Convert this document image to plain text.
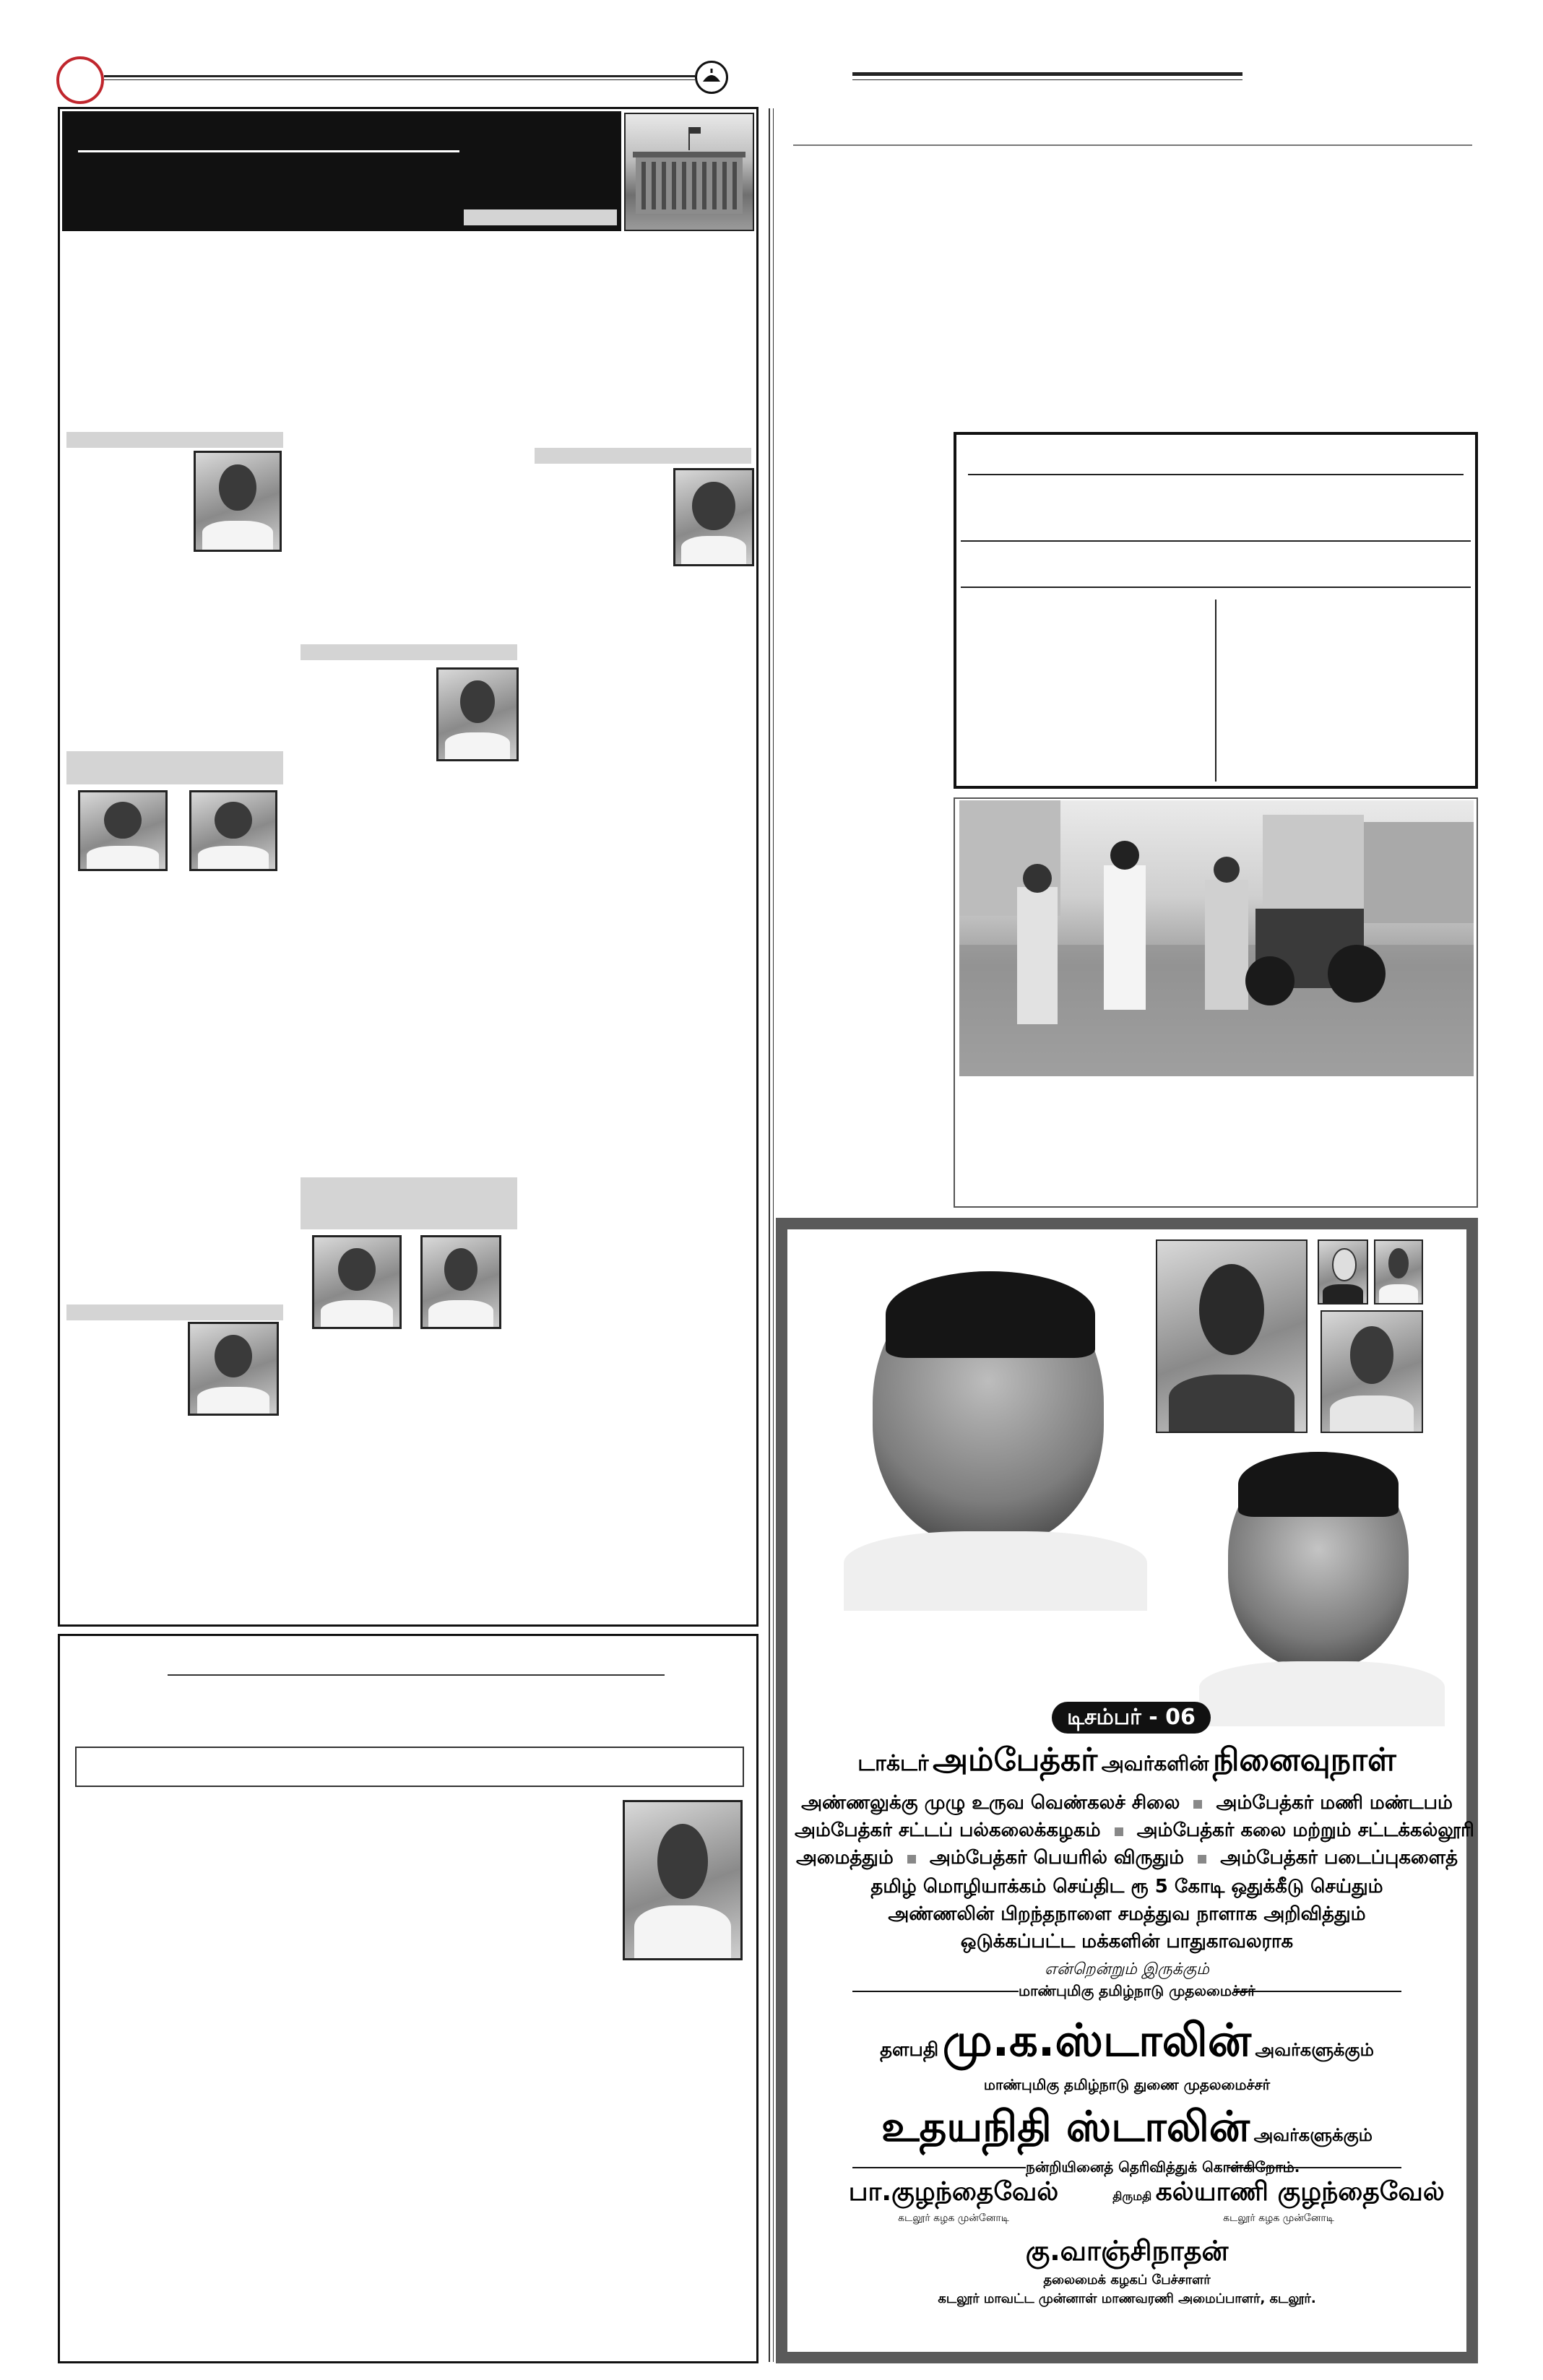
டிசம்பர் - 06
டாக்டர் அம்பேத்கர் அவர்களின் நினைவுநாள்
அண்ணலுக்கு முழு உருவ வெண்கலச் சிலை அம்பேத்கர் மணி மண்டபம்
அம்பேத்கர் சட்டப் பல்கலைக்கழகம் அம்பேத்கர் கலை மற்றும் சட்டக்கல்லூரி
அமைத்தும் அம்பேத்கர் பெயரில் விருதும் அம்பேத்கர் படைப்புகளைத்
தமிழ் மொழியாக்கம் செய்திட ரூ 5 கோடி ஒதுக்கீடு செய்தும்
அண்ணலின் பிறந்தநாளை சமத்துவ நாளாக அறிவித்தும்
ஒடுக்கப்பட்ட மக்களின் பாதுகாவலராக
என்றென்றும் இருக்கும்
மாண்புமிகு தமிழ்நாடு முதலமைச்சர்
தளபதி மு.க.ஸ்டாலின் அவர்களுக்கும்
மாண்புமிகு தமிழ்நாடு துணை முதலமைச்சர்
உதயநிதி ஸ்டாலின் அவர்களுக்கும்
நன்றியினைத் தெரிவித்துக் கொள்கிறோம்.
பா.குழந்தைவேல்
கடலூர் கழக முன்னோடி
திருமதி கல்யாணி குழந்தைவேல்
கடலூர் கழக முன்னோடி
கு.வாஞ்சிநாதன்
தலைமைக் கழகப் பேச்சாளர்
கடலூர் மாவட்ட முன்னாள் மாணவரணி அமைப்பாளர், கடலூர்.
